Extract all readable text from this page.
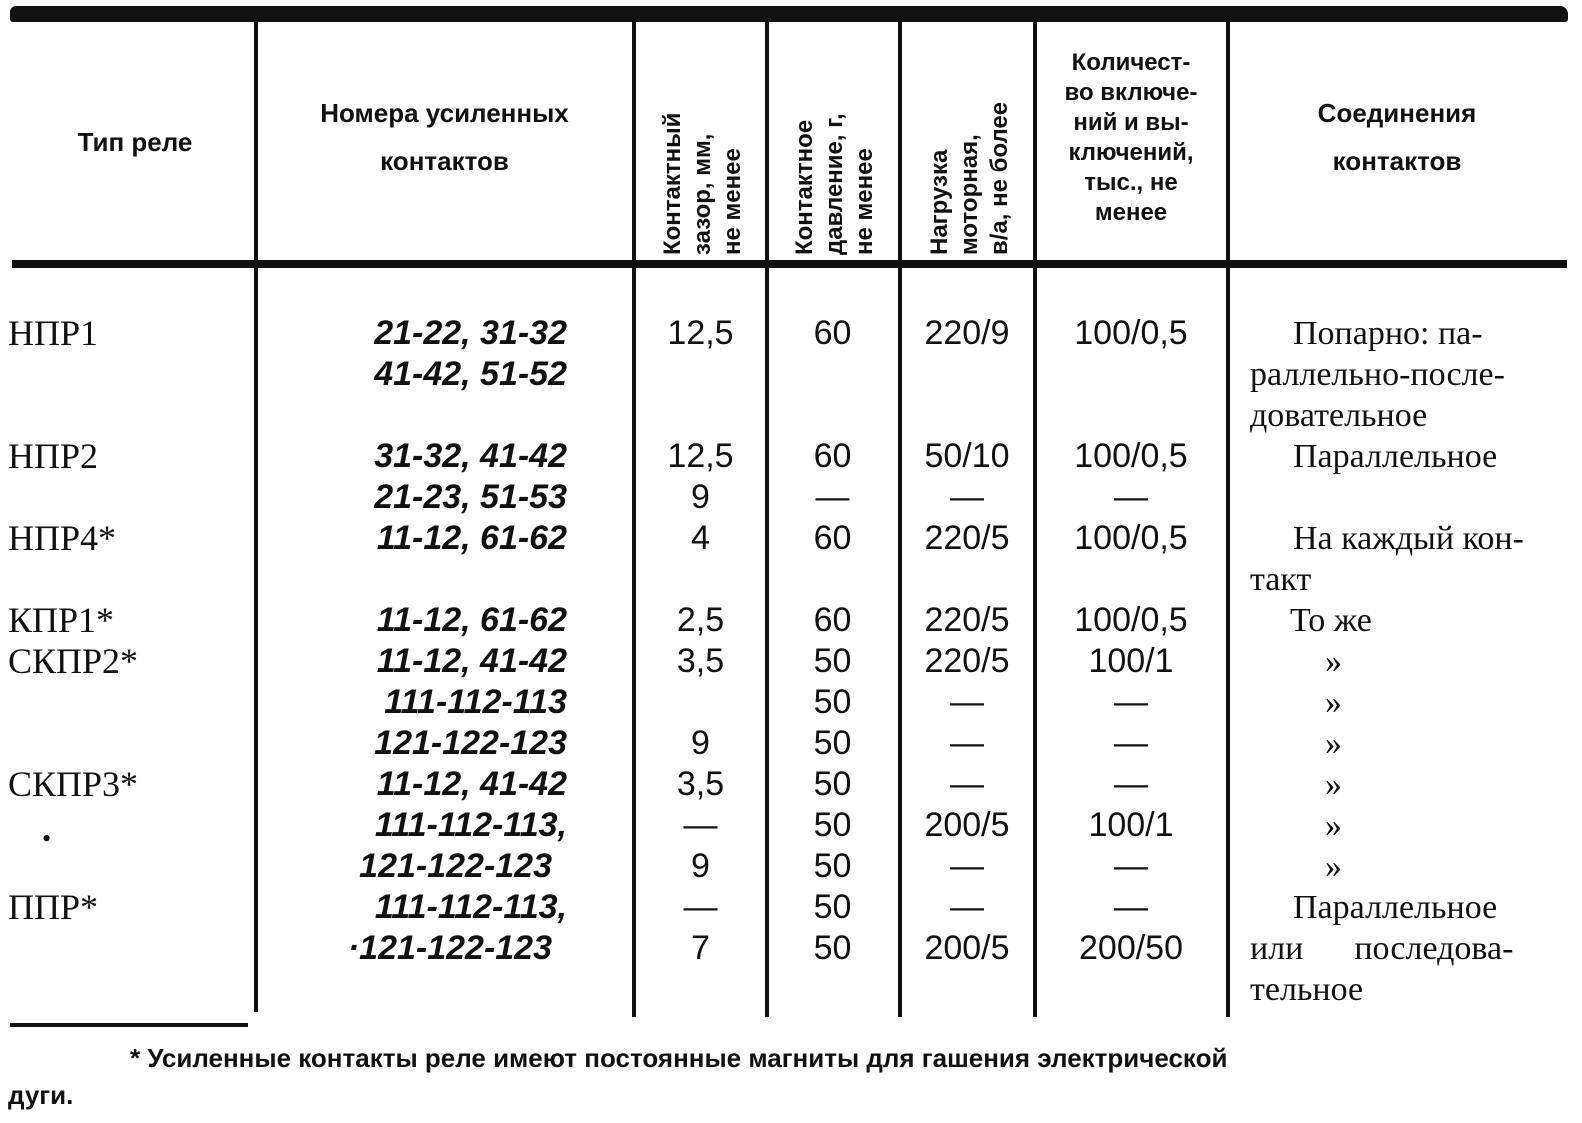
Тип реле
Номера усиленных
контактов	Контактный зазор, мм, не менее Контактное давление, г, не менее Нагрузка моторная, в/а, не более
Количест-
во включе-
ний и вы-
ключений,
тыс., не
менее
Соединения
контактов
НПР1
НПР2
НПР4*
КПР1*
СКПР2*
СКПР3*
•
ППР*
21-22, 31-32
41-42, 51-52
31-32, 41-42
21-23, 51-53
11-12, 61-62
11-12, 61-62
11-12, 41-42
111-112-113
121-122-123
11-12, 41-42
111-112-113,
121-122-123
111-112-113,
·121-122-123
12,5
12,5
9
4
2,5
3,5
9
3,5
—
9
—
7
60
60
—
60
60
50
50
50
50
50
50
50
50
220/9
50/10
—
220/5
220/5
220/5
—
—
—
200/5
—
—
200/5
100/0,5
100/0,5
—
100/0,5
100/0,5
100/1
—
—
—
100/1
—
—
200/50
Попарно: па-
раллельно-после-
довательное
Параллельное
На каждый кон-
такт
То же
»
»
»
»
»
»
Параллельное
или      последова-
тельное
* Усиленные контакты реле имеют постоянные магниты для гашения электрической
дуги.
